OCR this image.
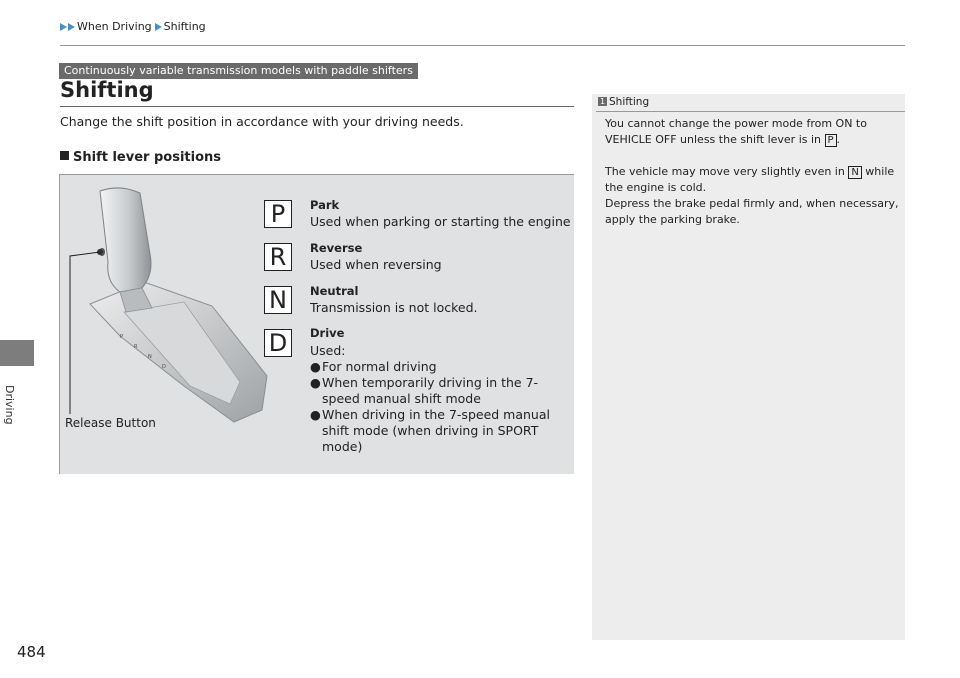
When Driving Shifting
Driving
484
Continuously variable transmission models with paddle shifters
Shifting
Change the shift position in accordance with your driving needs.
Shift lever positions
P
R
N
D
Release Button
P	Park
Used when parking or starting the engine
R	Reverse
Used when reversing
N	Neutral
Transmission is not locked.
D	Drive
Used:
● For normal driving
● When temporarily driving in the 7-speed manual shift mode
● When driving in the 7-speed manual shift mode (when driving in SPORT mode)
1 Shifting
You cannot change the power mode from ON to VEHICLE OFF unless the shift lever is in P .
The vehicle may move very slightly even in N while the engine is cold.
Depress the brake pedal firmly and, when necessary, apply the parking brake.
